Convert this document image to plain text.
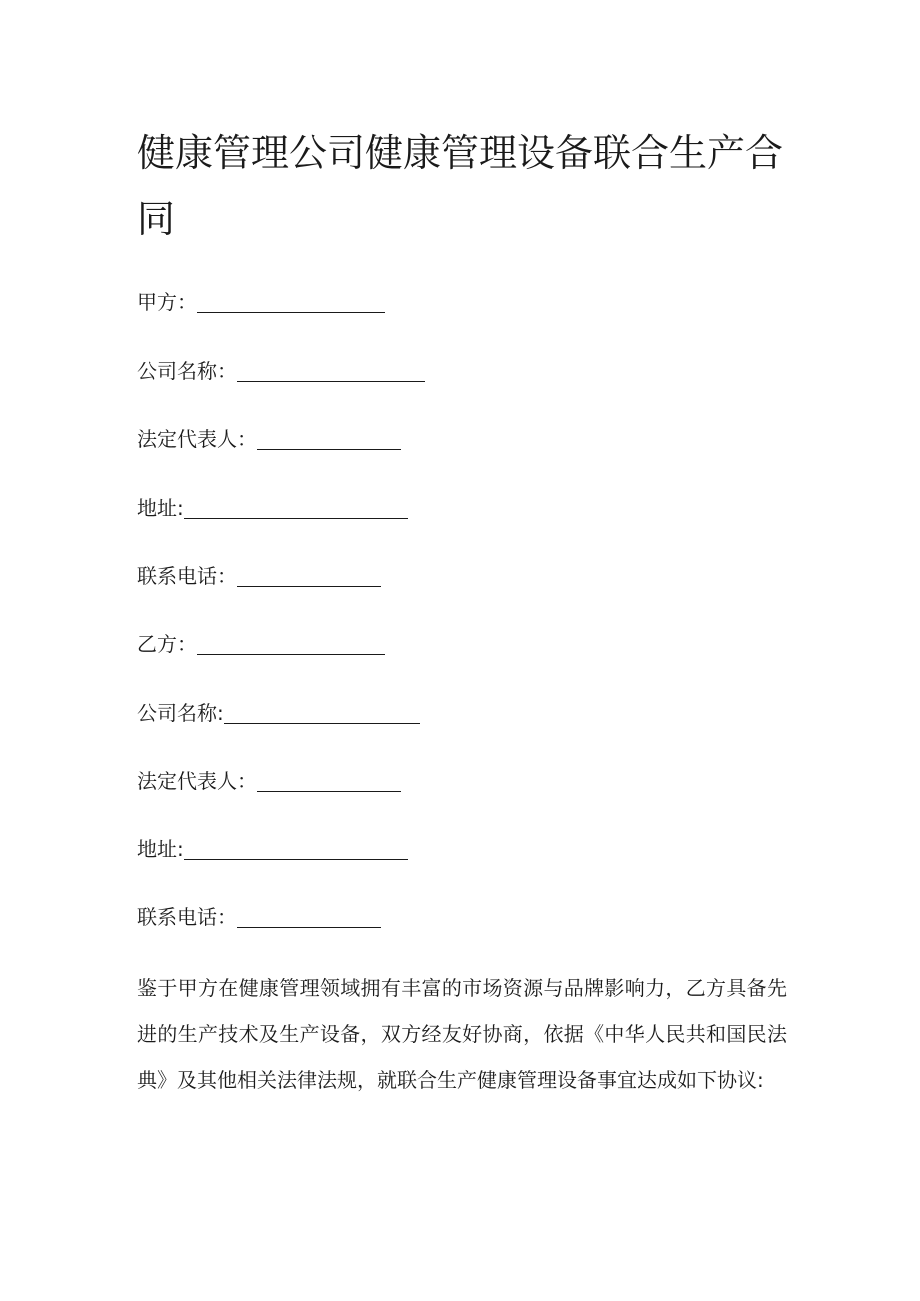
健康管理公司健康管理设备联合生产合同
甲方：
公司名称：
法定代表人：
地址:
联系电话：
乙方：
公司名称:
法定代表人：
地址:
联系电话：

鉴于甲方在健康管理领域拥有丰富的市场资源与品牌影响力，乙方具备先进的生产技术及生产设备，双方经友好协商，依据《中华人民共和国民法典》及其他相关法律法规，就联合生产健康管理设备事宜达成如下协议:
